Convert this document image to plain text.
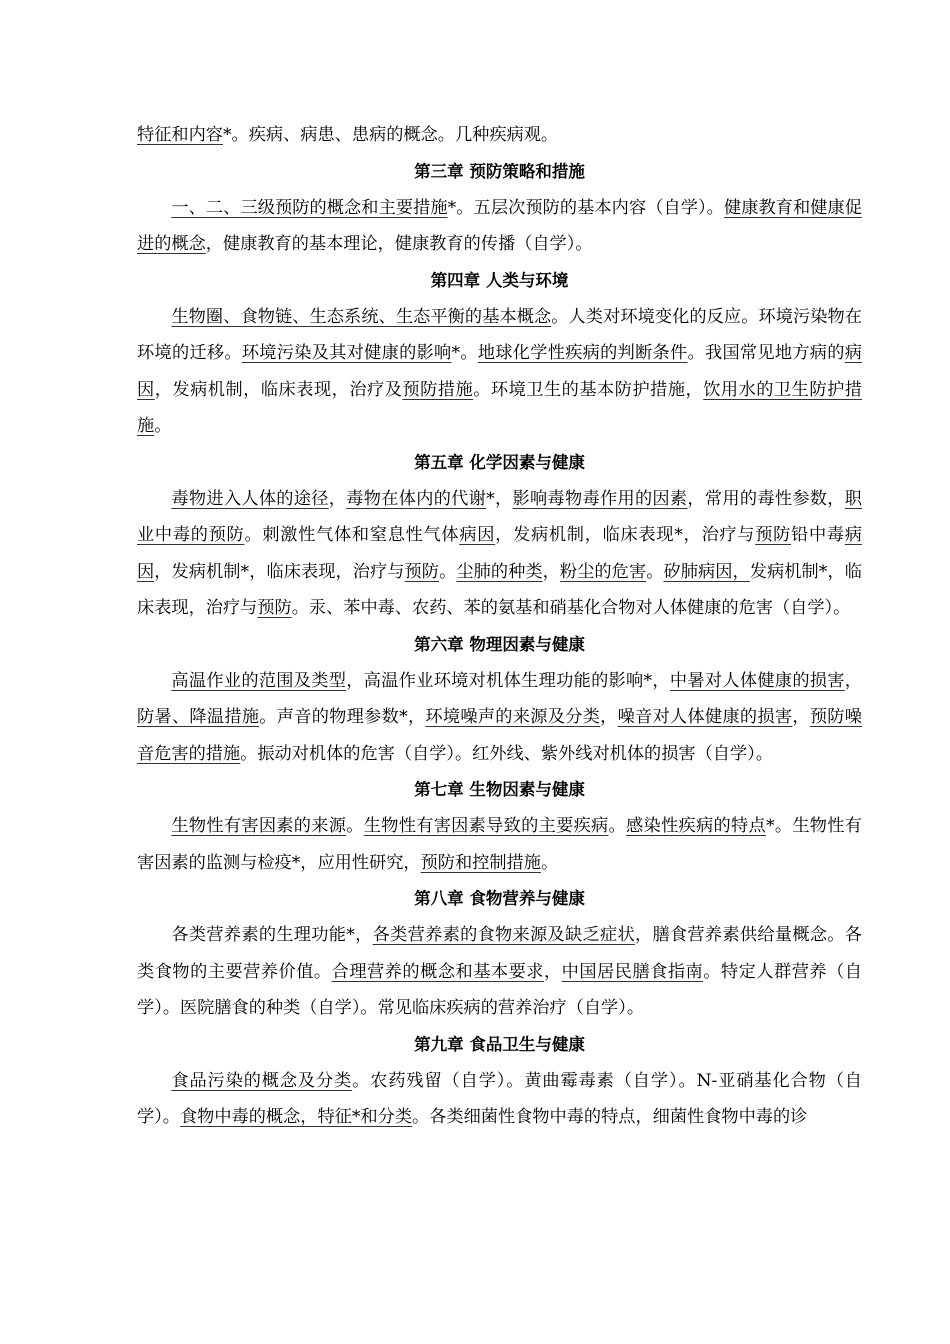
特征和内容*。疾病、病患、患病的概念。几种疾病观。

第三章 预防策略和措施

一、二、三级预防的概念和主要措施*。五层次预防的基本内容（自学）。健康教育和健康促进的概念，健康教育的基本理论，健康教育的传播（自学）。

第四章 人类与环境

生物圈、食物链、生态系统、生态平衡的基本概念。人类对环境变化的反应。环境污染物在环境的迁移。环境污染及其对健康的影响*。地球化学性疾病的判断条件。我国常见地方病的病因，发病机制，临床表现，治疗及预防措施。环境卫生的基本防护措施，饮用水的卫生防护措施。

第五章 化学因素与健康

毒物进入人体的途径，毒物在体内的代谢*，影响毒物毒作用的因素，常用的毒性参数，职业中毒的预防。刺激性气体和窒息性气体病因，发病机制，临床表现*，治疗与预防铅中毒病因，发病机制*，临床表现，治疗与预防。尘肺的种类，粉尘的危害。矽肺病因，发病机制*，临床表现，治疗与预防。汞、苯中毒、农药、苯的氨基和硝基化合物对人体健康的危害（自学）。

第六章 物理因素与健康

高温作业的范围及类型，高温作业环境对机体生理功能的影响*，中暑对人体健康的损害，防暑、降温措施。声音的物理参数*，环境噪声的来源及分类，噪音对人体健康的损害，预防噪音危害的措施。振动对机体的危害（自学）。红外线、紫外线对机体的损害（自学）。

第七章 生物因素与健康

生物性有害因素的来源。生物性有害因素导致的主要疾病。感染性疾病的特点*。生物性有害因素的监测与检疫*，应用性研究，预防和控制措施。

第八章 食物营养与健康

各类营养素的生理功能*，各类营养素的食物来源及缺乏症状，膳食营养素供给量概念。各类食物的主要营养价值。合理营养的概念和基本要求，中国居民膳食指南。特定人群营养（自学）。医院膳食的种类（自学）。常见临床疾病的营养治疗（自学）。

第九章 食品卫生与健康

食品污染的概念及分类。农药残留（自学）。黄曲霉毒素（自学）。N-亚硝基化合物（自学）。食物中毒的概念，特征*和分类。各类细菌性食物中毒的特点，细菌性食物中毒的诊
